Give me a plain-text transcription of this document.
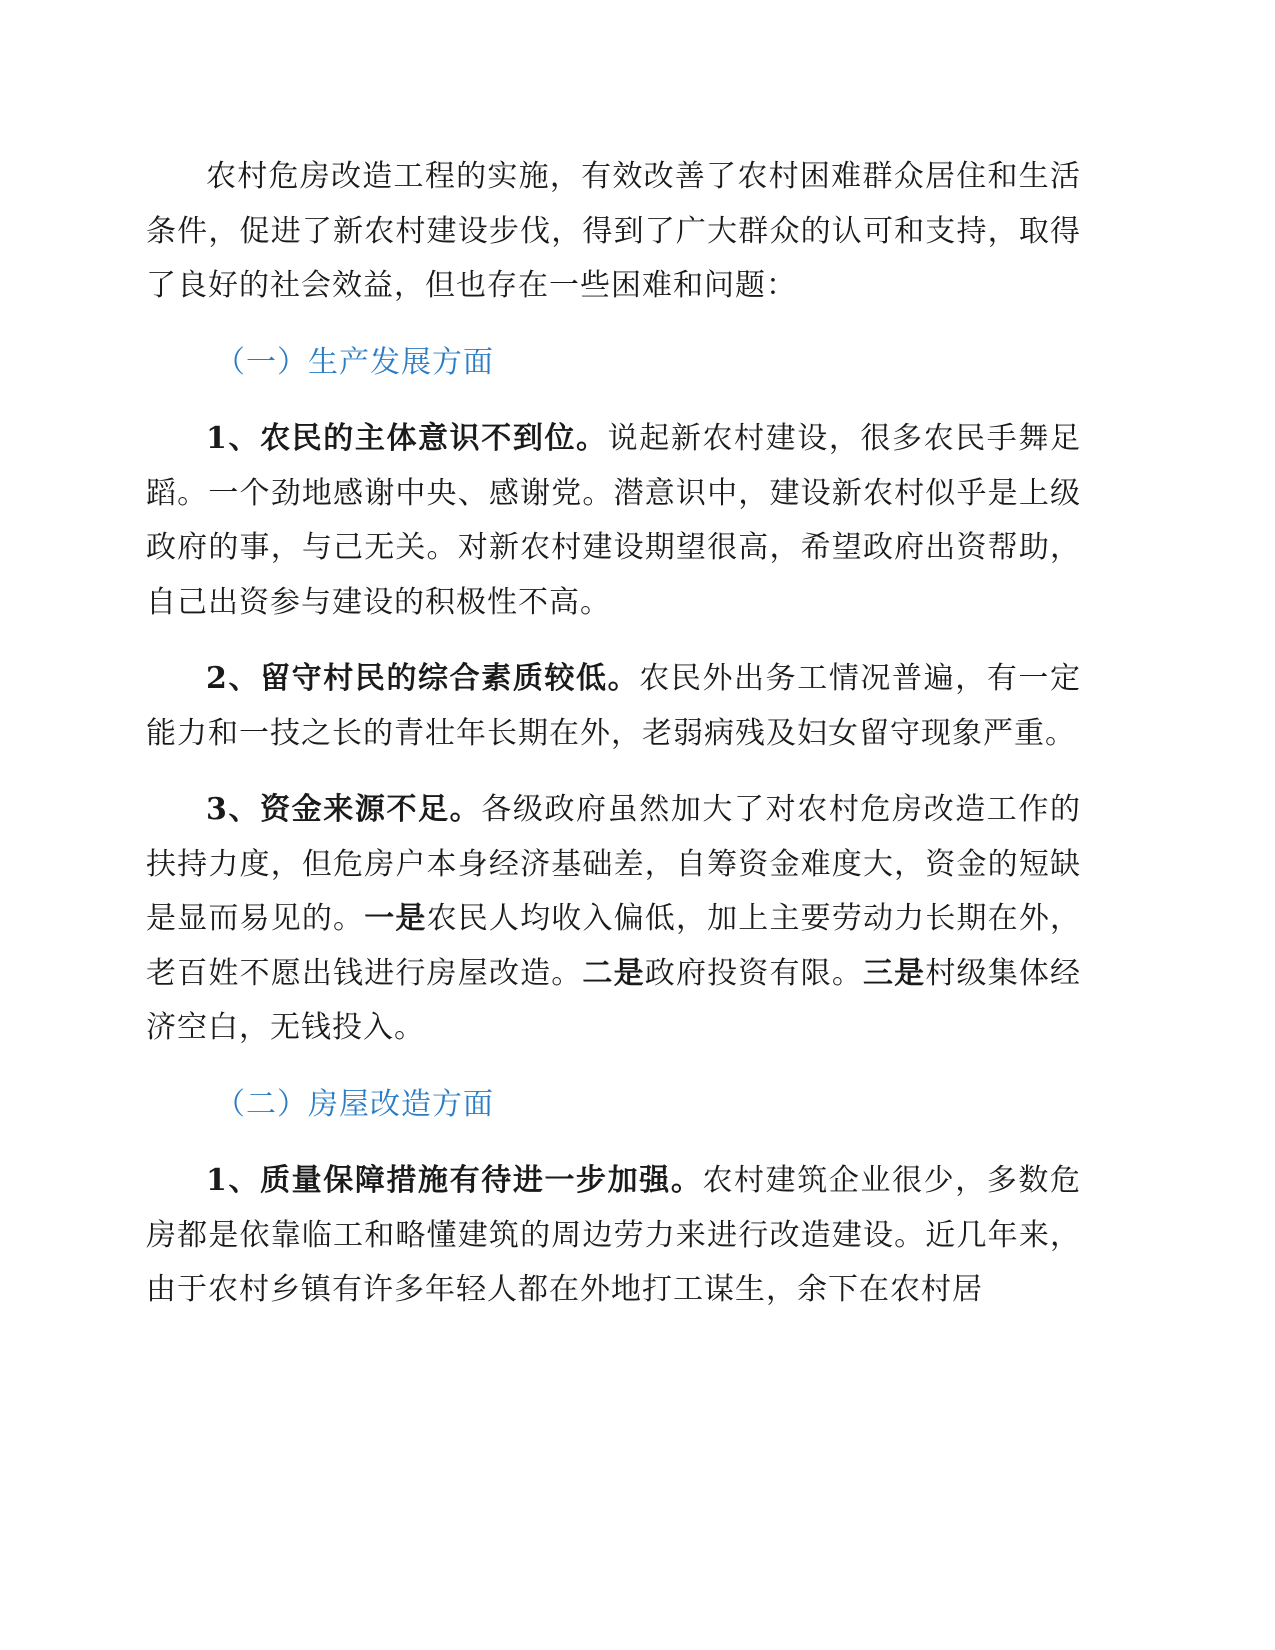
农村危房改造工程的实施，有效改善了农村困难群众居住和生活条件，促进了新农村建设步伐，得到了广大群众的认可和支持，取得了良好的社会效益，但也存在一些困难和问题：

（一）生产发展方面

1、农民的主体意识不到位。说起新农村建设，很多农民手舞足蹈。一个劲地感谢中央、感谢党。潜意识中，建设新农村似乎是上级政府的事，与己无关。对新农村建设期望很高，希望政府出资帮助，自己出资参与建设的积极性不高。

2、留守村民的综合素质较低。农民外出务工情况普遍，有一定能力和一技之长的青壮年长期在外，老弱病残及妇女留守现象严重。

3、资金来源不足。各级政府虽然加大了对农村危房改造工作的扶持力度，但危房户本身经济基础差，自筹资金难度大，资金的短缺是显而易见的。一是农民人均收入偏低，加上主要劳动力长期在外，老百姓不愿出钱进行房屋改造。二是政府投资有限。三是村级集体经济空白，无钱投入。

（二）房屋改造方面

1、质量保障措施有待进一步加强。农村建筑企业很少，多数危房都是依靠临工和略懂建筑的周边劳力来进行改造建设。近几年来，由于农村乡镇有许多年轻人都在外地打工谋生，余下在农村居
